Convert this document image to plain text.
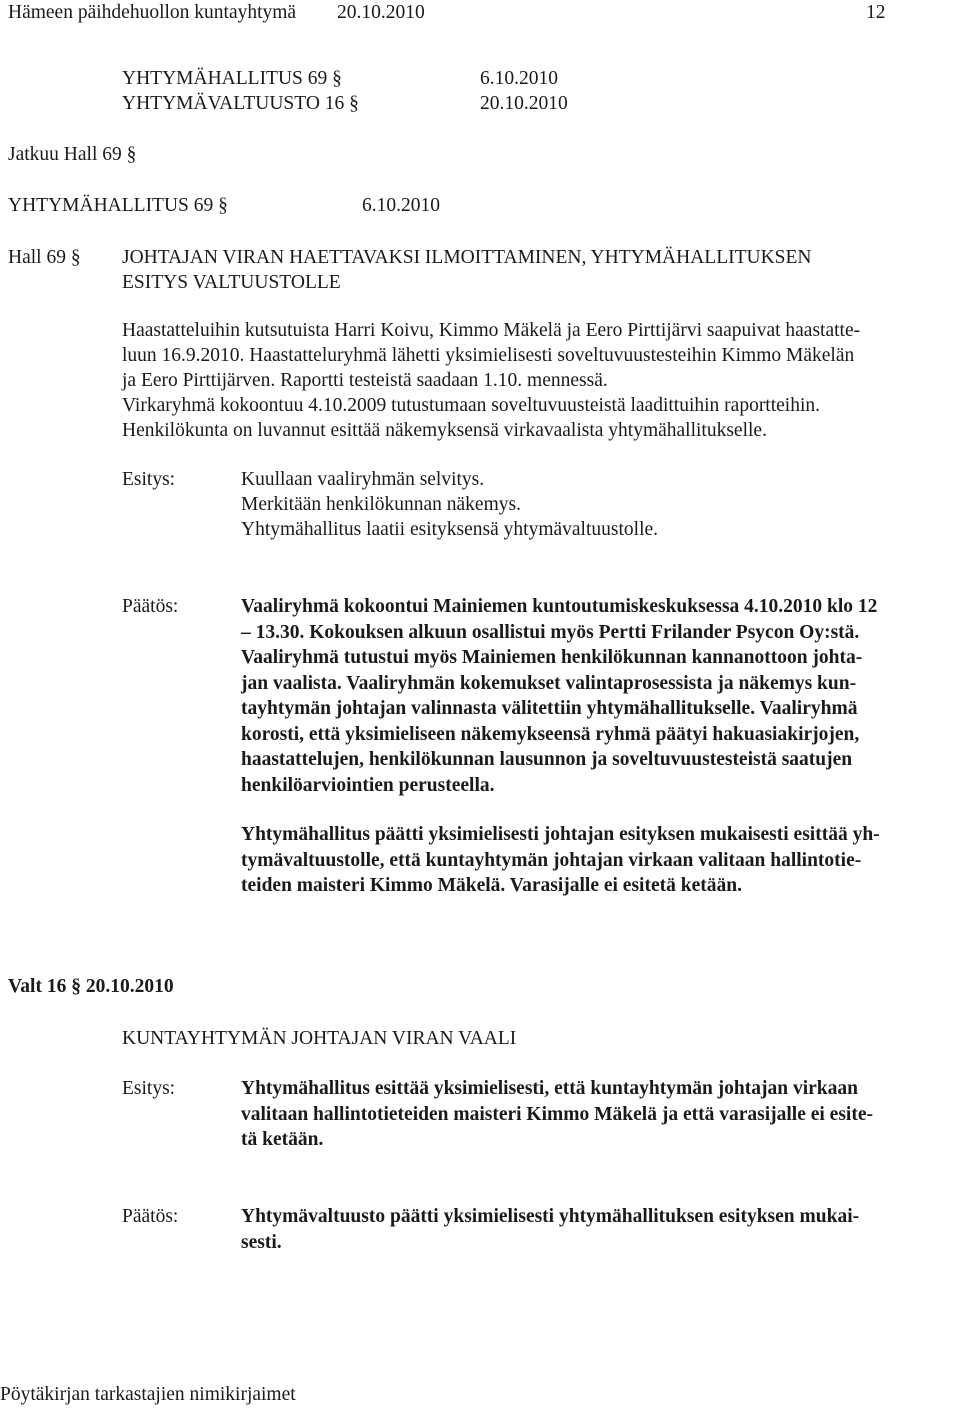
Hämeen päihdehuollon kuntayhtymä 20.10.2010	12
YHTYMÄHALLITUS 69 §	6.10.2010
YHTYMÄVALTUUSTO 16 §	20.10.2010
Jatkuu Hall 69 §
YHTYMÄHALLITUS 69 §	6.10.2010
Hall 69 § JOHTAJAN VIRAN HAETTAVAKSI ILMOITTAMINEN, YHTYMÄHALLITUKSEN
ESITYS VALTUUSTOLLE
Haastatteluihin kutsutuista Harri Koivu, Kimmo Mäkelä ja Eero Pirttijärvi saapuivat haastatte-
luun 16.9.2010. Haastatteluryhmä lähetti yksimielisesti soveltuvuustesteihin Kimmo Mäkelän
ja Eero Pirttijärven. Raportti testeistä saadaan 1.10. mennessä.
Virkaryhmä kokoontuu 4.10.2009 tutustumaan soveltuvuusteistä laadittuihin raportteihin.
Henkilökunta on luvannut esittää näkemyksensä virkavaalista yhtymähallitukselle.
Esitys:	Kuullaan vaaliryhmän selvitys.
Merkitään henkilökunnan näkemys.
Yhtymähallitus laatii esityksensä yhtymävaltuustolle.
Päätös:	Vaaliryhmä kokoontui Mainiemen kuntoutumiskeskuksessa 4.10.2010 klo 12
– 13.30. Kokouksen alkuun osallistui myös Pertti Frilander Psycon Oy:stä.
Vaaliryhmä tutustui myös Mainiemen henkilökunnan kannanottoon johta-
jan vaalista. Vaaliryhmän kokemukset valintaprosessista ja näkemys kun-
tayhtymän johtajan valinnasta välitettiin yhtymähallitukselle. Vaaliryhmä
korosti, että yksimieliseen näkemykseensä ryhmä päätyi hakuasiakirjojen,
haastattelujen, henkilökunnan lausunnon ja soveltuvuustesteistä saatujen
henkilöarviointien perusteella.
Yhtymähallitus päätti yksimielisesti johtajan esityksen mukaisesti esittää yh-
tymävaltuustolle, että kuntayhtymän johtajan virkaan valitaan hallintotie-
teiden maisteri Kimmo Mäkelä. Varasijalle ei esitetä ketään.
Valt 16 § 20.10.2010
KUNTAYHTYMÄN JOHTAJAN VIRAN VAALI
Esitys:	Yhtymähallitus esittää yksimielisesti, että kuntayhtymän johtajan virkaan
valitaan hallintotieteiden maisteri Kimmo Mäkelä ja että varasijalle ei esite-
tä ketään.
Päätös:	Yhtymävaltuusto päätti yksimielisesti yhtymähallituksen esityksen mukai-
sesti.
Pöytäkirjan tarkastajien nimikirjaimet
